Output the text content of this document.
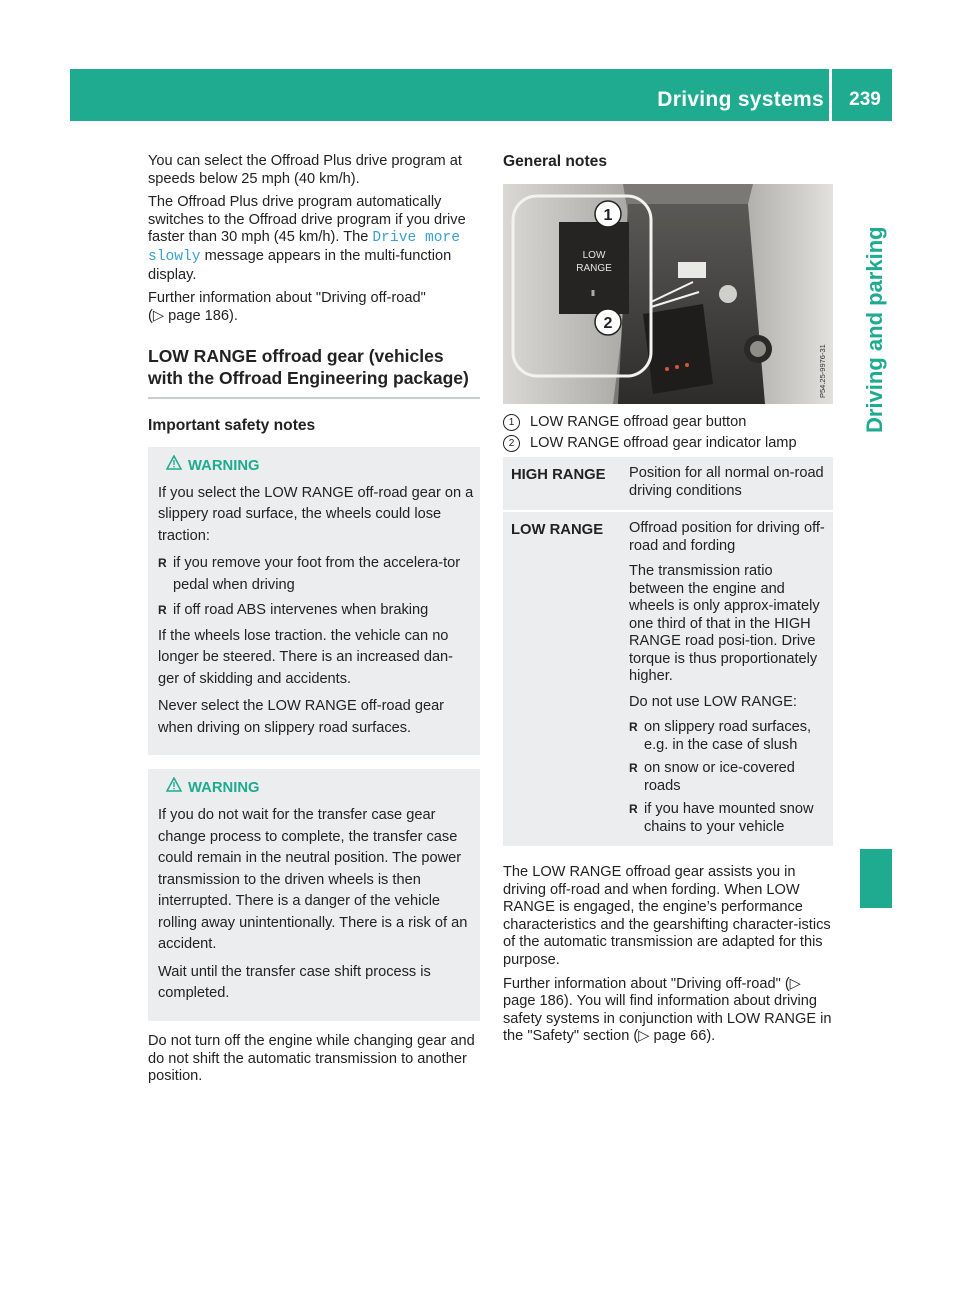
Driving systems	239
Driving and parking

You can select the Offroad Plus drive program at speeds below 25 mph (40 km/h).

The Offroad Plus drive program automatically switches to the Offroad drive program if you drive faster than 30 mph (45 km/h). The Drive more slowly message appears in the multi-function display.

Further information about "Driving off-road"
(▷ page 186).

LOW RANGE offroad gear (vehicles with the Offroad Engineering package)
Important safety notes
WARNING

If you select the LOW RANGE off-road gear on a slippery road surface, the wheels could lose traction:

R if you remove your foot from the accelera-tor pedal when driving
R if off road ABS intervenes when braking

If the wheels lose traction. the vehicle can no longer be steered. There is an increased dan-ger of skidding and accidents.

Never select the LOW RANGE off-road gear when driving on slippery road surfaces.

WARNING

If you do not wait for the transfer case gear change process to complete, the transfer case could remain in the neutral position. The power transmission to the driven wheels is then interrupted. There is a danger of the vehicle rolling away unintentionally. There is a risk of an accident.

Wait until the transfer case shift process is completed.

Do not turn off the engine while changing gear and do not shift the automatic transmission to another position.

General notes
1
2
LOW
RANGE
P54.25-9976-31
1 LOW RANGE offroad gear button
2 LOW RANGE offroad gear indicator lamp
HIGH RANGE	Position for all normal on-road driving conditions

LOW RANGE	Offroad position for driving off-road and fording

The transmission ratio between the engine and wheels is only approx-imately one third of that in the HIGH RANGE road posi-tion. Drive torque is thus proportionately higher.

Do not use LOW RANGE:

R on slippery road surfaces, e.g. in the case of slush
R on snow or ice-covered roads
R if you have mounted snow chains to your vehicle

The LOW RANGE offroad gear assists you in driving off-road and when fording. When LOW RANGE is engaged, the engine’s performance characteristics and the gearshifting character-istics of the automatic transmission are adapted for this purpose.

Further information about "Driving off-road" (▷ page 186). You will find information about driving safety systems in conjunction with LOW RANGE in the "Safety" section (▷ page 66).
